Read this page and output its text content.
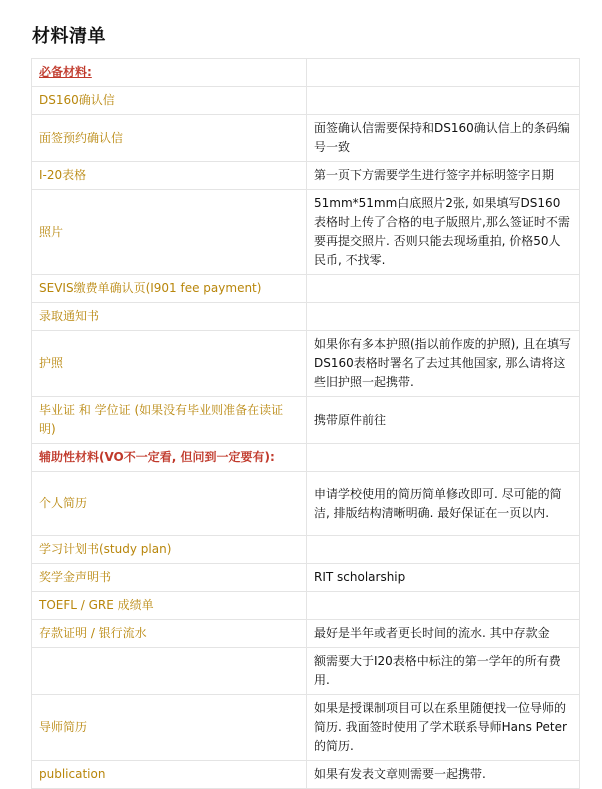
材料清单
必备材料:	
DS160确认信	
面签预约确认信	面签确认信需要保持和DS160确认信上的条码编号一致
I-20表格	第一页下方需要学生进行签字并标明签字日期
照片	51mm*51mm白底照片2张, 如果填写DS160表格时上传了合格的电子版照片,那么签证时不需要再提交照片. 否则只能去现场重拍, 价格50人民币, 不找零.
SEVIS缴费单确认页(I901 fee payment)	
录取通知书	
护照	如果你有多本护照(指以前作废的护照), 且在填写DS160表格时署名了去过其他国家, 那么请将这些旧护照一起携带.
毕业证 和 学位证 (如果没有毕业则准备在读证明)	携带原件前往
辅助性材料(VO不一定看, 但问到一定要有):	
个人简历	申请学校使用的简历简单修改即可. 尽可能的简洁, 排版结构清晰明确. 最好保证在一页以内.
学习计划书(study plan)	
奖学金声明书	RIT scholarship
TOEFL / GRE 成绩单	
存款证明 / 银行流水	最好是半年或者更长时间的流水. 其中存款金
	额需要大于I20表格中标注的第一学年的所有费用.
导师简历	如果是授课制项目可以在系里随便找一位导师的简历. 我面签时使用了学术联系导师Hans Peter的简历.
publication	如果有发表文章则需要一起携带.
